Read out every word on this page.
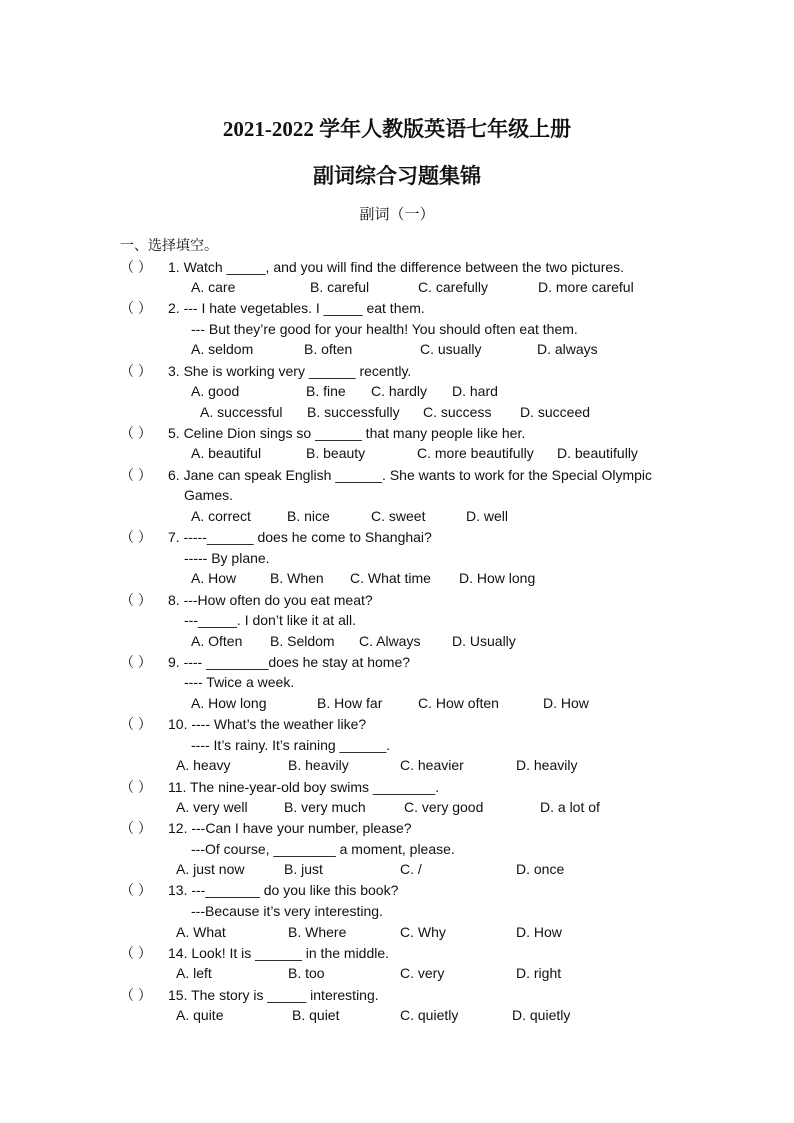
2021-2022 学年人教版英语七年级上册
副词综合习题集锦
副词（一）
一、选择填空。
（ ） 1. Watch _____, and you will find the difference between the two pictures.
A. care	B. careful	C. carefully	D. more careful
（ ） 2. --- I hate vegetables. I _____ eat them.
--- But they’re good for your health! You should often eat them.
A. seldom	B. often	C. usually	D. always
（ ） 3. She is working very ______ recently.
A. good	B. fine C. hardly D. hard
A. successful B. successfully C. success D. succeed
（ ） 5. Celine Dion sings so ______ that many people like her.
A. beautiful	B. beauty	C. more beautifully D. beautifully
（ ） 6. Jane can speak English ______. She wants to work for the Special Olympic
Games.
A. correct	B. nice	C. sweet	D. well
（ ） 7. -----______ does he come to Shanghai?
----- By plane.
A. How B. When C. What time D. How long
（ ） 8. ---How often do you eat meat?
---_____. I don’t like it at all.
A. Often B. Seldom C. Always D. Usually
（ ） 9. ---- ________does he stay at home?
---- Twice a week.
A. How long	B. How far	C. How often	D. How
（ ） 10. ---- What’s the weather like?
---- It’s rainy. It’s raining ______.
A. heavy	B. heavily	C. heavier	D. heavily
（ ） 11. The nine-year-old boy swims ________.
A. very well	B. very much	C. very good	D. a lot of
（ ） 12. ---Can I have your number, please?
---Of course, ________ a moment, please.
A. just now	B. just	C. /	D. once
（ ） 13. ---_______ do you like this book?
---Because it’s very interesting.
A. What	B. Where	C. Why	D. How
（ ） 14. Look! It is ______ in the middle.
A. left	B. too	C. very	D. right
（ ） 15. The story is _____ interesting.
A. quite	B. quiet	C. quietly	D. quietly
